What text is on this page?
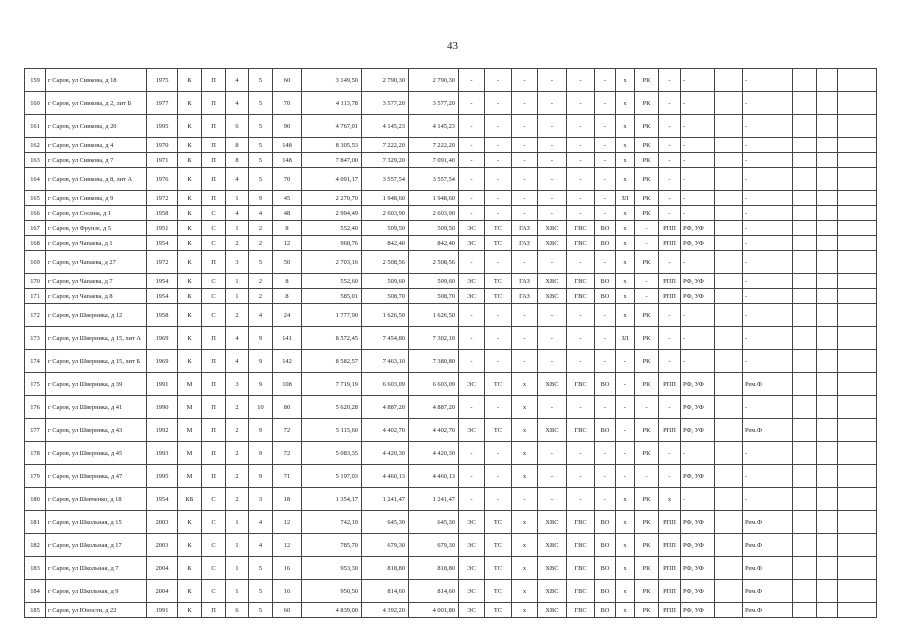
43
159	г Саров, ул Сивкова, д 18	1975	К	П	4	5	60	3 149,50	2 790,30	2 790,30	-	-	-	-	-	-	x	РК	-	-		-			
160	г Саров, ул Сивкова, д 2, лит Б	1977	К	П	4	5	70	4 113,78	3 577,20	3 577,20	-	-	-	-	-	-	x	РК	-	-		-			
161	г Саров, ул Сивкова, д 20	1995	К	П	6	5	90	4 767,01	4 145,23	4 145,23	-	-	-	-	-	-	x	РК	-	-		-			
162	г Саров, ул Сивкова, д 4	1970	К	П	8	5	148	8 305,53	7 222,20	7 222,20	-	-	-	-	-	-	x	РК	-	-		-			
163	г Саров, ул Сивкова, д 7	1971	К	П	8	5	148	7 847,00	7 329,20	7 091,40	-	-	-	-	-	-	x	РК	-	-		-			
164	г Саров, ул Сивкова, д 8, лит А	1976	К	П	4	5	70	4 091,17	3 557,54	3 557,54	-	-	-	-	-	-	x	РК	-	-		-			
165	г Саров, ул Сивкова, д 9	1972	К	П	1	9	45	2 270,70	1 948,60	1 948,60	-	-	-	-	-	-	ЗЛ	РК	-	-		-			
166	г Саров, ул Сосина, д 1	1958	К	С	4	4	48	2 994,49	2 603,90	2 603,90	-	-	-	-	-	-	x	РК	-	-		-			
167	г Саров, ул Фрунзе, д 5	1951	К	С	1	2	8	552,40	509,50	509,50	ЭС	ТС	ГАЗ	ХВС	ГВС	ВО	x	-	РПП	РФ, УФ		-			
168	г Саров, ул Чапаева, д 1	1954	К	С	2	2	12	968,76	842,40	842,40	ЭС	ТС	ГАЗ	ХВС	ГВС	ВО	x	-	РПП	РФ, УФ		-			
169	г Саров, ул Чапаева, д 27	1972	К	П	3	5	50	2 703,16	2 508,56	2 508,56	-	-	-	-	-	-	x	РК	-	-		-			
170	г Саров, ул Чапаева, д 7	1954	К	С	1	2	8	552,60	509,60	509,60	ЭС	ТС	ГАЗ	ХВС	ГВС	ВО	x	-	РПП	РФ, УФ		-			
171	г Саров, ул Чапаева, д 8	1954	К	С	1	2	8	585,01	508,70	508,70	ЭС	ТС	ГАЗ	ХВС	ГВС	ВО	x	-	РПП	РФ, УФ		-			
172	г Саров, ул Шверника, д 12	1958	К	С	2	4	24	1 777,90	1 626,50	1 626,50	-	-	-	-	-	-	x	РК	-	-		-			
173	г Саров, ул Шверника, д 15, лит А	1969	К	П	4	9	141	8 572,45	7 454,80	7 302,10	-	-	-	-	-	-	ЗЛ	РК	-	-		-			
174	г Саров, ул Шверника, д 15, лит Б	1969	К	П	4	9	142	8 582,57	7 463,10	7 380,80	-	-	-	-	-	-	-	РК	-	-		-			
175	г Саров, ул Шверника, д 39	1991	М	П	3	9	108	7 719,19	6 603,09	6 603,09	ЭС	ТС	x	ХВС	ГВС	ВО	-	РК	РПП	РФ, УФ		Рем.Ф			
176	г Саров, ул Шверника, д 41	1990	М	П	2	10	80	5 620,28	4 887,20	4 887,20	-	-	x	-	-	-	-	-	-	РФ, УФ		-			
177	г Саров, ул Шверника, д 43	1992	М	П	2	9	72	5 115,60	4 402,70	4 402,70	ЭС	ТС	x	ХВС	ГВС	ВО	-	РК	РПП	РФ, УФ		Рем.Ф			
178	г Саров, ул Шверника, д 45	1993	М	П	2	9	72	5 083,35	4 420,30	4 420,30	-	-	x	-	-	-	-	РК	-	-		-			
179	г Саров, ул Шверника, д 47	1995	М	П	2	9	71	5 197,03	4 460,13	4 460,13	-	-	x	-	-	-	-	-	-	РФ, УФ		-			
180	г Саров, ул Шевченко, д 18	1954	КБ	С	2	3	18	1 354,17	1 241,47	1 241,47	-	-	-	-	-	-	x	РК	x	-		-			
181	г Саров, ул Школьная, д 15	2003	К	С	1	4	12	742,10	645,30	645,30	ЭС	ТС	x	ХВС	ГВС	ВО	x	РК	РПП	РФ, УФ		Рем.Ф			
182	г Саров, ул Школьная, д 17	2003	К	С	1	4	12	785,70	679,30	679,30	ЭС	ТС	x	ХВС	ГВС	ВО	x	РК	РПП	РФ, УФ		Рем.Ф			
183	г Саров, ул Школьная, д 7	2004	К	С	1	5	16	953,30	818,80	818,80	ЭС	ТС	x	ХВС	ГВС	ВО	x	РК	РПП	РФ, УФ		Рем.Ф			
184	г Саров, ул Школьная, д 9	2004	К	С	1	5	16	950,50	814,60	814,60	ЭС	ТС	x	ХВС	ГВС	ВО	x	РК	РПП	РФ, УФ		Рем.Ф			
185	г Саров, ул Юности, д 22	1991	К	П	6	5	60	4 839,00	4 392,20	4 001,80	ЭС	ТС	x	ХВС	ГВС	ВО	x	РК	РПП	РФ, УФ		Рем.Ф			
